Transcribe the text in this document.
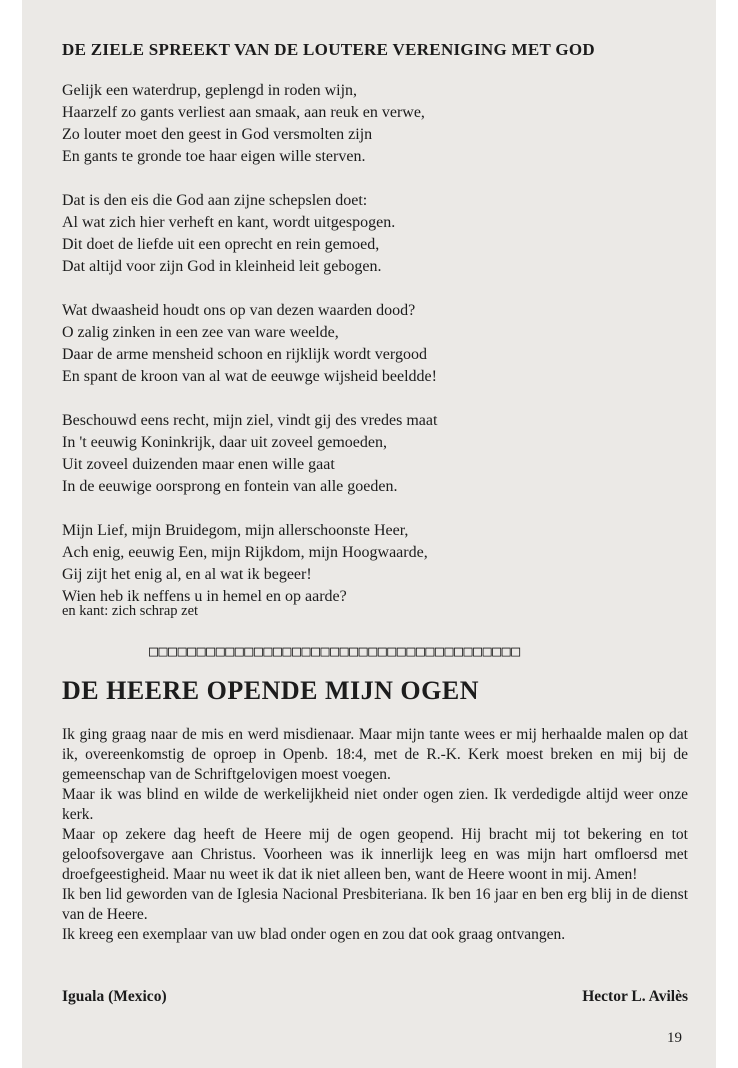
DE ZIELE SPREEKT VAN DE LOUTERE VERENIGING MET GOD
Gelijk een waterdrup, geplengd in roden wijn,
Haarzelf zo gants verliest aan smaak, aan reuk en verwe,
Zo louter moet den geest in God versmolten zijn
En gants te gronde toe haar eigen wille sterven.
Dat is den eis die God aan zijne schepslen doet:
Al wat zich hier verheft en kant, wordt uitgespogen.
Dit doet de liefde uit een oprecht en rein gemoed,
Dat altijd voor zijn God in kleinheid leit gebogen.
Wat dwaasheid houdt ons op van dezen waarden dood?
O zalig zinken in een zee van ware weelde,
Daar de arme mensheid schoon en rijklijk wordt vergood
En spant de kroon van al wat de eeuwge wijsheid beeldde!
Beschouwd eens recht, mijn ziel, vindt gij des vredes maat
In 't eeuwig Koninkrijk, daar uit zoveel gemoeden,
Uit zoveel duizenden maar enen wille gaat
In de eeuwige oorsprong en fontein van alle goeden.
Mijn Lief, mijn Bruidegom, mijn allerschoonste Heer,
Ach enig, eeuwig Een, mijn Rijkdom, mijn Hoogwaarde,
Gij zijt het enig al, en al wat ik begeer!
Wien heb ik neffens u in hemel en op aarde?
en kant: zich schrap zet
□□□□□□□□□□□□□□□□□□□□□□□□□□□□□□□□□□□□□□□
DE HEERE OPENDE MIJN OGEN

Ik ging graag naar de mis en werd misdienaar. Maar mijn tante wees er mij herhaalde malen op dat ik, overeenkomstig de oproep in Openb. 18:4, met de R.-K. Kerk moest breken en mij bij de gemeenschap van de Schriftgelovigen moest voegen.

Maar ik was blind en wilde de werkelijkheid niet onder ogen zien. Ik verdedigde altijd weer onze kerk.

Maar op zekere dag heeft de Heere mij de ogen geopend. Hij bracht mij tot bekering en tot geloofsovergave aan Christus. Voorheen was ik innerlijk leeg en was mijn hart omfloersd met droefgeestigheid. Maar nu weet ik dat ik niet alleen ben, want de Heere woont in mij. Amen!

Ik ben lid geworden van de Iglesia Nacional Presbiteriana. Ik ben 16 jaar en ben erg blij in de dienst van de Heere.

Ik kreeg een exemplaar van uw blad onder ogen en zou dat ook graag ontvangen.

Iguala (Mexico)	Hector L. Avilès
19
